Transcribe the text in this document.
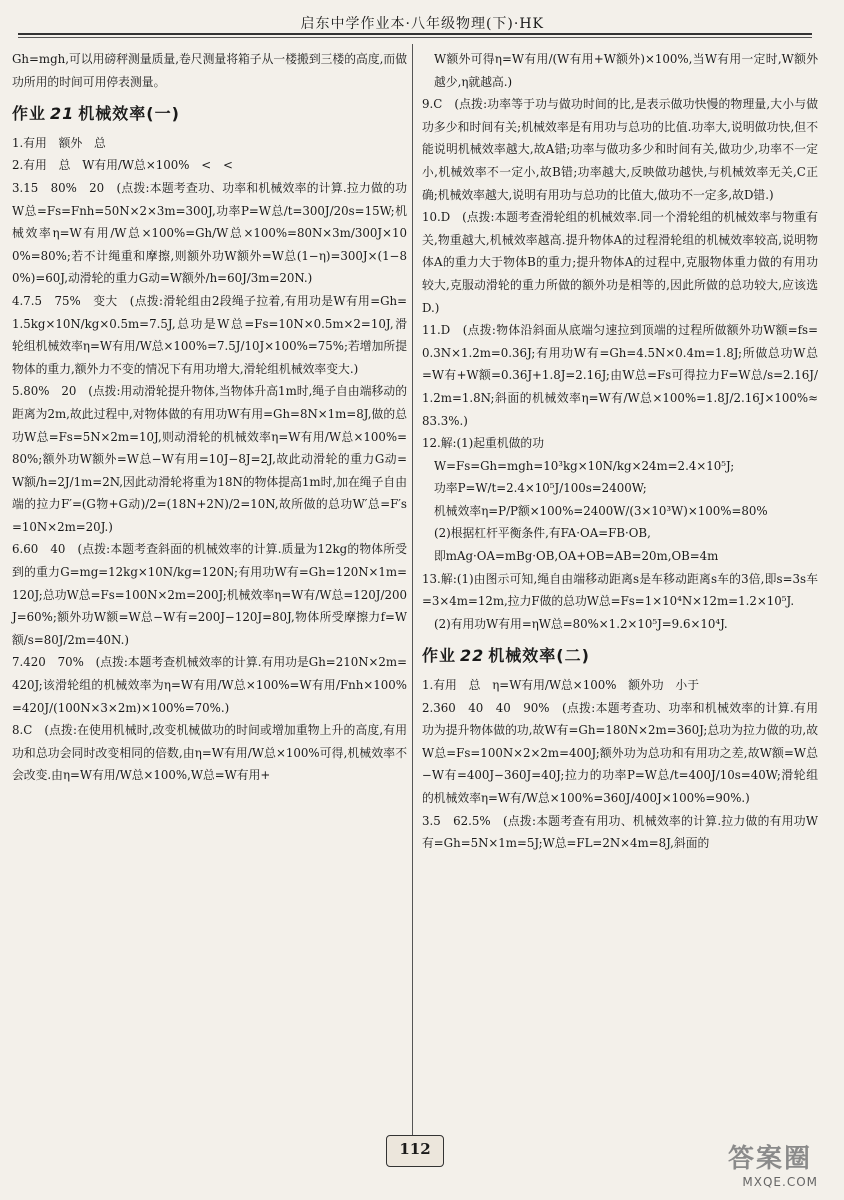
启东中学作业本·八年级物理(下)·HK

Gh=mgh,可以用磅秤测量质量,卷尺测量将箱子从一楼搬到三楼的高度,而做功所用的时间可用停表测量。

作业 21 机械效率(一)

1.有用　额外　总

2.有用　总　W有用/W总×100%　<　<

3.15　80%　20　(点拨:本题考查功、功率和机械效率的计算.拉力做的功W总=Fs=Fnh=50N×2×3m=300J,功率P=W总/t=300J/20s=15W;机械效率η=W有用/W总×100%=Gh/W总×100%=80N×3m/300J×100%=80%;若不计绳重和摩擦,则额外功W额外=W总(1−η)=300J×(1−80%)=60J,动滑轮的重力G动=W额外/h=60J/3m=20N.)

4.7.5　75%　变大　(点拨:滑轮组由2段绳子拉着,有用功是W有用=Gh=1.5kg×10N/kg×0.5m=7.5J,总功是W总=Fs=10N×0.5m×2=10J,滑轮组机械效率η=W有用/W总×100%=7.5J/10J×100%=75%;若增加所提物体的重力,额外力不变的情况下有用功增大,滑轮组机械效率变大.)

5.80%　20　(点拨:用动滑轮提升物体,当物体升高1m时,绳子自由端移动的距离为2m,故此过程中,对物体做的有用功W有用=Gh=8N×1m=8J,做的总功W总=Fs=5N×2m=10J,则动滑轮的机械效率η=W有用/W总×100%=80%;额外功W额外=W总−W有用=10J−8J=2J,故此动滑轮的重力G动=W额/h=2J/1m=2N,因此动滑轮将重为18N的物体提高1m时,加在绳子自由端的拉力F′=(G物+G动)/2=(18N+2N)/2=10N,故所做的总功W′总=F′s=10N×2m=20J.)

6.60　40　(点拨:本题考查斜面的机械效率的计算.质量为12kg的物体所受到的重力G=mg=12kg×10N/kg=120N;有用功W有=Gh=120N×1m=120J;总功W总=Fs=100N×2m=200J;机械效率η=W有/W总=120J/200J=60%;额外功W额=W总−W有=200J−120J=80J,物体所受摩擦力f=W额/s=80J/2m=40N.)

7.420　70%　(点拨:本题考查机械效率的计算.有用功是Gh=210N×2m=420J;该滑轮组的机械效率为η=W有用/W总×100%=W有用/Fnh×100%=420J/(100N×3×2m)×100%=70%.)

8.C　(点拨:在使用机械时,改变机械做功的时间或增加重物上升的高度,有用功和总功会同时改变相同的倍数,由η=W有用/W总×100%可得,机械效率不会改变.由η=W有用/W总×100%,W总=W有用+

W额外可得η=W有用/(W有用+W额外)×100%,当W有用一定时,W额外越少,η就越高.)

9.C　(点拨:功率等于功与做功时间的比,是表示做功快慢的物理量,大小与做功多少和时间有关;机械效率是有用功与总功的比值.功率大,说明做功快,但不能说明机械效率越大,故A错;功率与做功多少和时间有关,做功少,功率不一定小,机械效率不一定小,故B错;功率越大,反映做功越快,与机械效率无关,C正确;机械效率越大,说明有用功与总功的比值大,做功不一定多,故D错.)

10.D　(点拨:本题考查滑轮组的机械效率.同一个滑轮组的机械效率与物重有关,物重越大,机械效率越高.提升物体A的过程滑轮组的机械效率较高,说明物体A的重力大于物体B的重力;提升物体A的过程中,克服物体重力做的有用功较大,克服动滑轮的重力所做的额外功是相等的,因此所做的总功较大,应该选D.)

11.D　(点拨:物体沿斜面从底端匀速拉到顶端的过程所做额外功W额=fs=0.3N×1.2m=0.36J;有用功W有=Gh=4.5N×0.4m=1.8J;所做总功W总=W有+W额=0.36J+1.8J=2.16J;由W总=Fs可得拉力F=W总/s=2.16J/1.2m=1.8N;斜面的机械效率η=W有/W总×100%=1.8J/2.16J×100%≈83.3%.)

12.解:(1)起重机做的功

W=Fs=Gh=mgh=10³kg×10N/kg×24m=2.4×10⁵J;

功率P=W/t=2.4×10⁵J/100s=2400W;

机械效率η=P/P额×100%=2400W/(3×10³W)×100%=80%

(2)根据杠杆平衡条件,有FA·OA=FB·OB,

即mAg·OA=mBg·OB,OA+OB=AB=20m,OB=4m

13.解:(1)由图示可知,绳自由端移动距离s是车移动距离s车的3倍,即s=3s车=3×4m=12m,拉力F做的总功W总=Fs=1×10⁴N×12m=1.2×10⁵J.

(2)有用功W有用=ηW总=80%×1.2×10⁵J=9.6×10⁴J.

作业 22 机械效率(二)

1.有用　总　η=W有用/W总×100%　额外功　小于

2.360　40　40　90%　(点拨:本题考查功、功率和机械效率的计算.有用功为提升物体做的功,故W有=Gh=180N×2m=360J;总功为拉力做的功,故W总=Fs=100N×2×2m=400J;额外功为总功和有用功之差,故W额=W总−W有=400J−360J=40J;拉力的功率P=W总/t=400J/10s=40W;滑轮组的机械效率η=W有/W总×100%=360J/400J×100%=90%.)

3.5　62.5%　(点拨:本题考查有用功、机械效率的计算.拉力做的有用功W有=Gh=5N×1m=5J;W总=FL=2N×4m=8J,斜面的

112	答案圈
MXQE.COM
